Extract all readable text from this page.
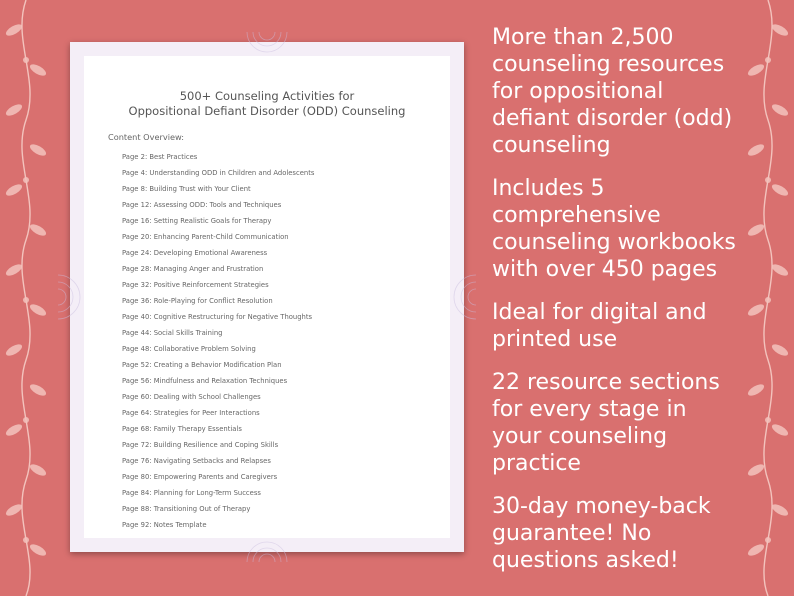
500+ Counseling Activities for
Oppositional Defiant Disorder (ODD) Counseling
Content Overview:
Page 2: Best Practices
Page 4: Understanding ODD in Children and Adolescents
Page 8: Building Trust with Your Client
Page 12: Assessing ODD: Tools and Techniques
Page 16: Setting Realistic Goals for Therapy
Page 20: Enhancing Parent-Child Communication
Page 24: Developing Emotional Awareness
Page 28: Managing Anger and Frustration
Page 32: Positive Reinforcement Strategies
Page 36: Role-Playing for Conflict Resolution
Page 40: Cognitive Restructuring for Negative Thoughts
Page 44: Social Skills Training
Page 48: Collaborative Problem Solving
Page 52: Creating a Behavior Modification Plan
Page 56: Mindfulness and Relaxation Techniques
Page 60: Dealing with School Challenges
Page 64: Strategies for Peer Interactions
Page 68: Family Therapy Essentials
Page 72: Building Resilience and Coping Skills
Page 76: Navigating Setbacks and Relapses
Page 80: Empowering Parents and Caregivers
Page 84: Planning for Long-Term Success
Page 88: Transitioning Out of Therapy
Page 92: Notes Template
More than 2,500 counseling resources for oppositional defiant disorder (odd) counseling
Includes 5 comprehensive counseling workbooks with over 450 pages
Ideal for digital and printed use
22 resource sections for every stage in your counseling practice
30-day money-back guarantee! No questions asked!
